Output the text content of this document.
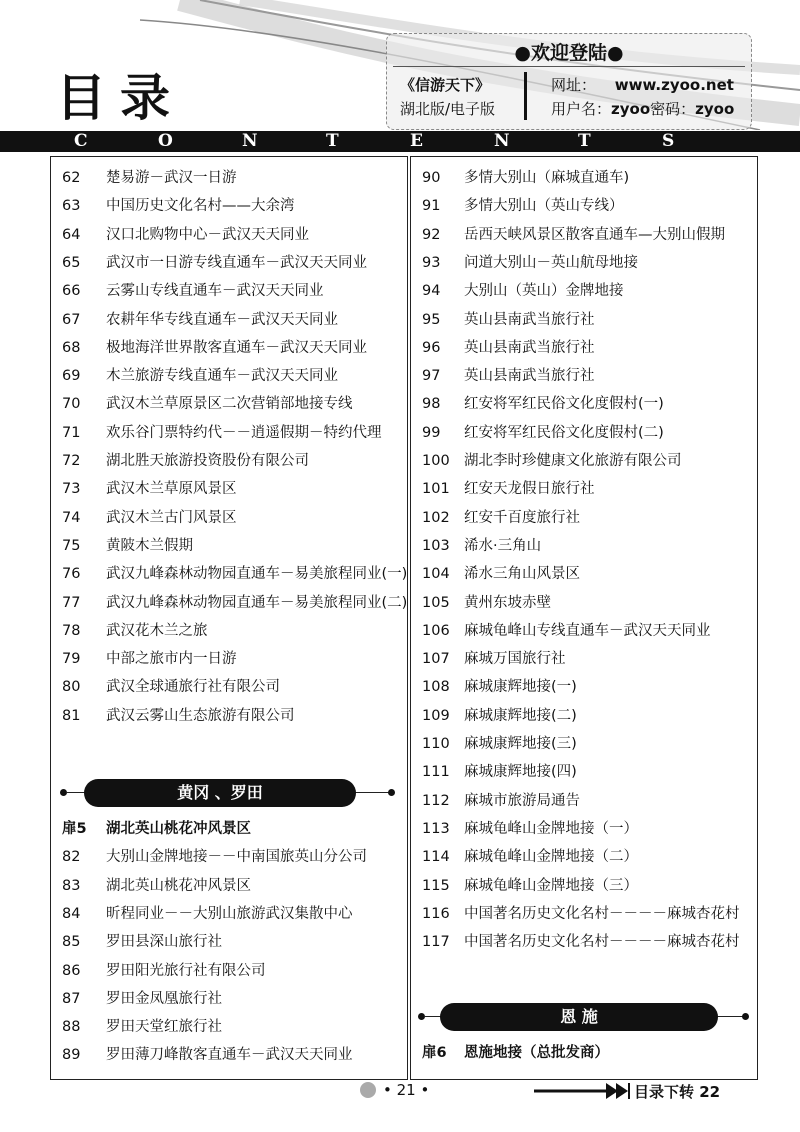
目录
●欢迎登陆●
《信游天下》
湖北版/电子版
网址： www.zyoo.net
用户名：zyoo密码：zyoo
C	O	N	T	E	N	T	S
62 楚易游－武汉一日游
63 中国历史文化名村——大余湾
64 汉口北购物中心－武汉天天同业
65 武汉市一日游专线直通车－武汉天天同业
66 云雾山专线直通车－武汉天天同业
67 农耕年华专线直通车－武汉天天同业
68 极地海洋世界散客直通车－武汉天天同业
69 木兰旅游专线直通车－武汉天天同业
70 武汉木兰草原景区二次营销部地接专线
71 欢乐谷门票特约代－－逍遥假期－特约代理
72 湖北胜天旅游投资股份有限公司
73 武汉木兰草原风景区
74 武汉木兰古门风景区
75 黄陂木兰假期
76 武汉九峰森林动物园直通车－易美旅程同业(一)
77 武汉九峰森林动物园直通车－易美旅程同业(二)
78 武汉花木兰之旅
79 中部之旅市内一日游
80 武汉全球通旅行社有限公司
81 武汉云雾山生态旅游有限公司
扉5 湖北英山桃花冲风景区
82 大别山金牌地接－－中南国旅英山分公司
83 湖北英山桃花冲风景区
84 昕程同业－－大别山旅游武汉集散中心
85 罗田县深山旅行社
86 罗田阳光旅行社有限公司
87 罗田金凤凰旅行社
88 罗田天堂红旅行社
89 罗田薄刀峰散客直通车－武汉天天同业
90 多情大别山（麻城直通车)
91 多情大别山（英山专线）
92 岳西天峡风景区散客直通车—大别山假期
93 问道大别山－英山航母地接
94 大别山（英山）金牌地接
95 英山县南武当旅行社
96 英山县南武当旅行社
97 英山县南武当旅行社
98 红安将军红民俗文化度假村(一)
99 红安将军红民俗文化度假村(二)
100 湖北李时珍健康文化旅游有限公司
101 红安天龙假日旅行社
102 红安千百度旅行社
103 浠水·三角山
104 浠水三角山风景区
105 黄州东坡赤壁
106 麻城龟峰山专线直通车－武汉天天同业
107 麻城万国旅行社
108 麻城康辉地接(一)
109 麻城康辉地接(二)
110 麻城康辉地接(三)
111 麻城康辉地接(四)
112 麻城市旅游局通告
113 麻城龟峰山金牌地接（一）
114 麻城龟峰山金牌地接（二）
115 麻城龟峰山金牌地接（三）
116 中国著名历史文化名村－－－－麻城杏花村
117 中国著名历史文化名村－－－－麻城杏花村
扉6 恩施地接（总批发商）
黄冈 、罗田
恩 施
• 21 •	目录下转 22
